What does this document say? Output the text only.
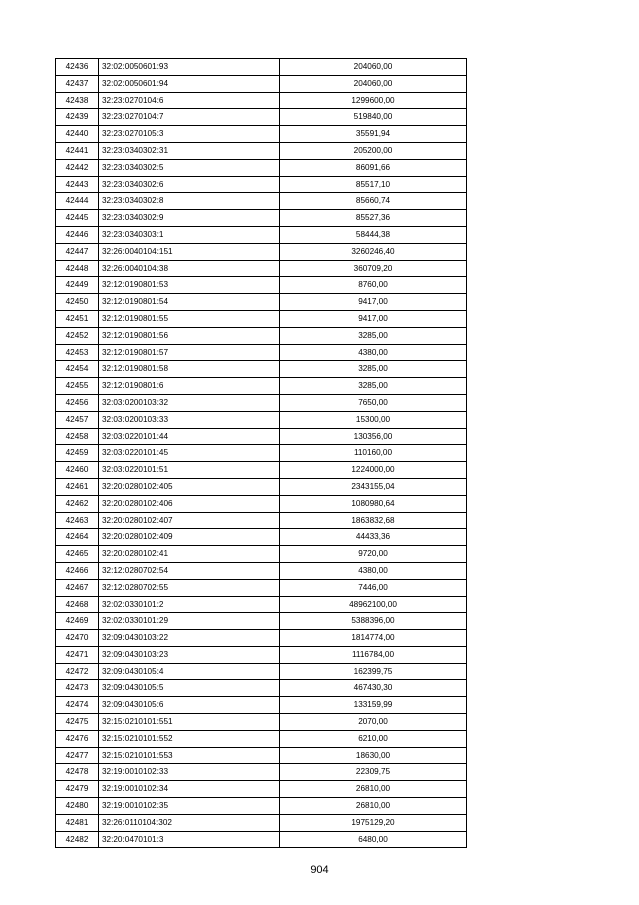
42436	32:02:0050601:93	204060,00
42437	32:02:0050601:94	204060,00
42438	32:23:0270104:6	1299600,00
42439	32:23:0270104:7	519840,00
42440	32:23:0270105:3	35591,94
42441	32:23:0340302:31	205200,00
42442	32:23:0340302:5	86091,66
42443	32:23:0340302:6	85517,10
42444	32:23:0340302:8	85660,74
42445	32:23:0340302:9	85527,36
42446	32:23:0340303:1	58444,38
42447	32:26:0040104:151	3260246,40
42448	32:26:0040104:38	360709,20
42449	32:12:0190801:53	8760,00
42450	32:12:0190801:54	9417,00
42451	32:12:0190801:55	9417,00
42452	32:12:0190801:56	3285,00
42453	32:12:0190801:57	4380,00
42454	32:12:0190801:58	3285,00
42455	32:12:0190801:6	3285,00
42456	32:03:0200103:32	7650,00
42457	32:03:0200103:33	15300,00
42458	32:03:0220101:44	130356,00
42459	32:03:0220101:45	110160,00
42460	32:03:0220101:51	1224000,00
42461	32:20:0280102:405	2343155,04
42462	32:20:0280102:406	1080980,64
42463	32:20:0280102:407	1863832,68
42464	32:20:0280102:409	44433,36
42465	32:20:0280102:41	9720,00
42466	32:12:0280702:54	4380,00
42467	32:12:0280702:55	7446,00
42468	32:02:0330101:2	48962100,00
42469	32:02:0330101:29	5388396,00
42470	32:09:0430103:22	1814774,00
42471	32:09:0430103:23	1116784,00
42472	32:09:0430105:4	162399,75
42473	32:09:0430105:5	467430,30
42474	32:09:0430105:6	133159,99
42475	32:15:0210101:551	2070,00
42476	32:15:0210101:552	6210,00
42477	32:15:0210101:553	18630,00
42478	32:19:0010102:33	22309,75
42479	32:19:0010102:34	26810,00
42480	32:19:0010102:35	26810,00
42481	32:26:0110104:302	1975129,20
42482	32:20:0470101:3	6480,00
904
